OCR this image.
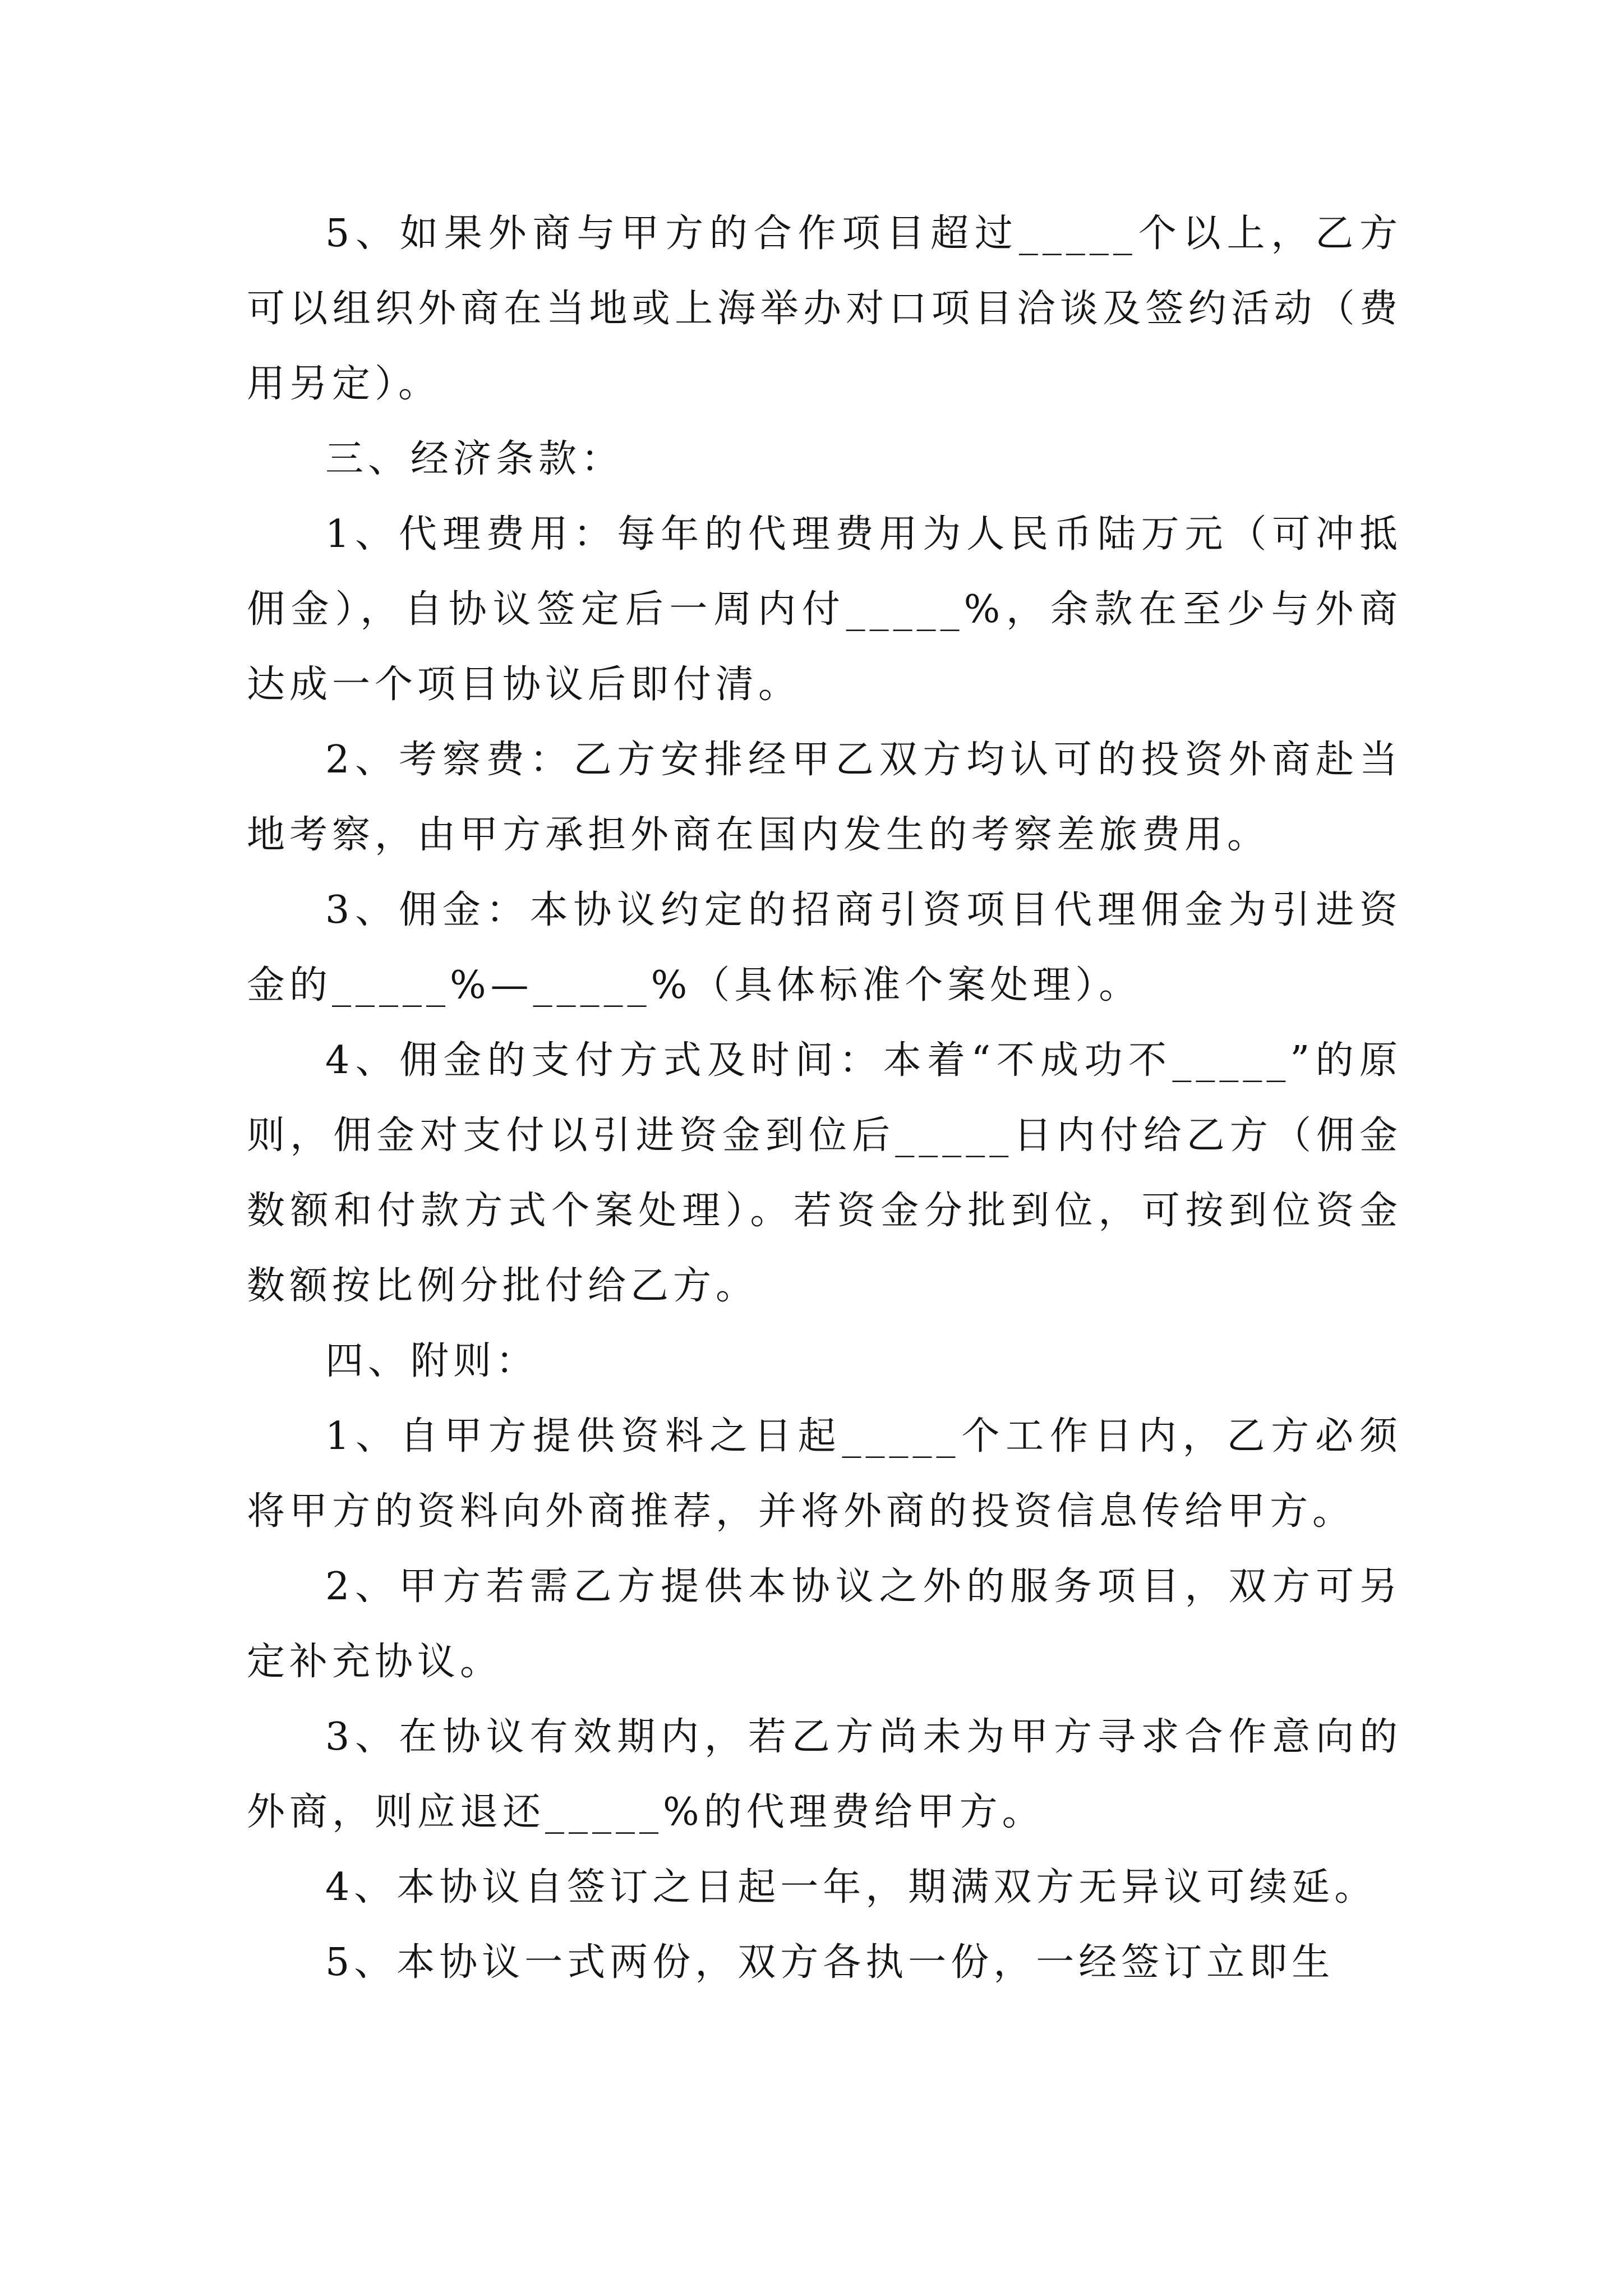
5、如果外商与甲方的合作项目超过_____个以上，乙方可以组织外商在当地或上海举办对口项目洽谈及签约活动（费用另定）。

三、经济条款：

1、代理费用：每年的代理费用为人民币陆万元（可冲抵佣金），自协议签定后一周内付_____%，余款在至少与外商达成一个项目协议后即付清。

2、考察费：乙方安排经甲乙双方均认可的投资外商赴当地考察，由甲方承担外商在国内发生的考察差旅费用。

3、佣金：本协议约定的招商引资项目代理佣金为引进资金的_____%—_____%（具体标准个案处理）。

4、佣金的支付方式及时间：本着“不成功不_____”的原则，佣金对支付以引进资金到位后_____日内付给乙方（佣金数额和付款方式个案处理）。若资金分批到位，可按到位资金数额按比例分批付给乙方。

四、附则：

1、自甲方提供资料之日起_____个工作日内，乙方必须将甲方的资料向外商推荐，并将外商的投资信息传给甲方。

2、甲方若需乙方提供本协议之外的服务项目，双方可另定补充协议。

3、在协议有效期内，若乙方尚未为甲方寻求合作意向的外商，则应退还_____%的代理费给甲方。

4、本协议自签订之日起一年，期满双方无异议可续延。

5、本协议一式两份，双方各执一份，一经签订立即生
